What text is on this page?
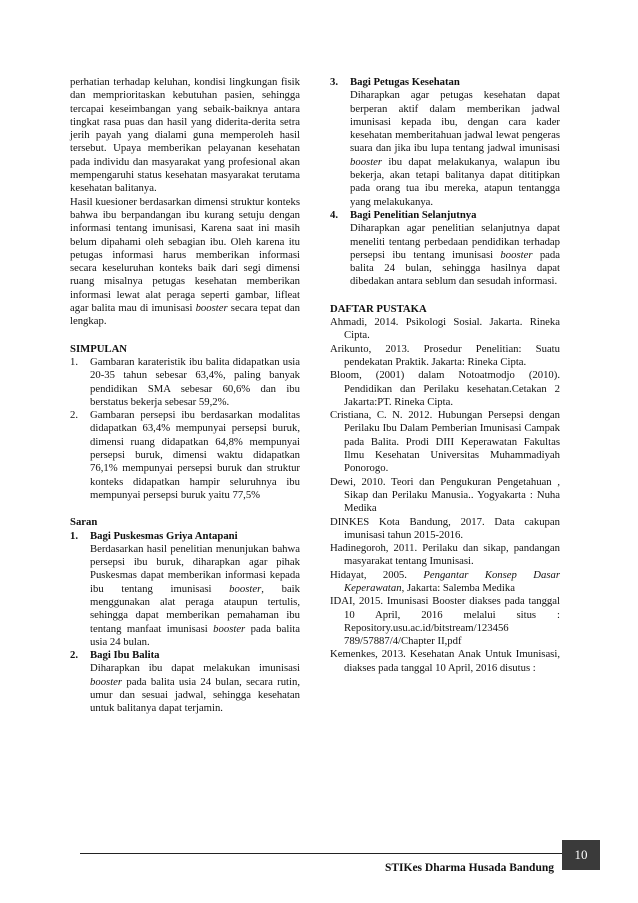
perhatian terhadap keluhan, kondisi lingkungan fisik dan memprioritaskan kebutuhan pasien, sehingga tercapai keseimbangan yang sebaik-baiknya antara tingkat rasa puas dan hasil yang diderita-derita setra jerih payah yang dialami guna memperoleh hasil tersebut. Upaya memberikan pelayanan kesehatan pada individu dan masyarakat yang profesional akan mempengaruhi status kesehatan masyarakat terutama kesehatan balitanya.

Hasil kuesioner berdasarkan dimensi struktur konteks bahwa ibu berpandangan ibu kurang setuju dengan informasi tentang imunisasi, Karena saat ini masih belum dipahami oleh sebagian ibu. Oleh karena itu petugas informasi harus memberikan informasi secara keseluruhan konteks baik dari segi dimensi ruang misalnya petugas kesehatan memberikan informasi lewat alat peraga seperti gambar, lifleat agar balita mau di imunisasi booster secara tepat dan lengkap.

SIMPULAN

1. Gambaran karateristik ibu balita didapatkan usia 20-35 tahun sebesar 63,4%, paling banyak pendidikan SMA sebesar 60,6% dan ibu berstatus bekerja sebesar 59,2%.

2. Gambaran persepsi ibu berdasarkan modalitas didapatkan 63,4% mempunyai persepsi buruk, dimensi ruang didapatkan 64,8% mempunyai persepsi buruk, dimensi waktu didapatkan 76,1% mempunyai persepsi buruk dan struktur konteks didapatkan hampir seluruhnya ibu mempunyai persepsi buruk yaitu 77,5%

Saran

1. Bagi Puskesmas Griya Antapani

Berdasarkan hasil penelitian menunjukan bahwa persepsi ibu buruk, diharapkan agar pihak Puskesmas dapat memberikan informasi kepada ibu tentang imunisasi booster, baik menggunakan alat peraga ataupun tertulis, sehingga dapat memberikan pemahaman ibu tentang manfaat imunisasi booster pada balita usia 24 bulan.

2. Bagi Ibu Balita

Diharapkan ibu dapat melakukan imunisasi booster pada balita usia 24 bulan, secara rutin, umur dan sesuai jadwal, sehingga kesehatan untuk balitanya dapat terjamin.

3. Bagi Petugas Kesehatan

Diharapkan agar petugas kesehatan dapat berperan aktif dalam memberikan jadwal imunisasi kepada ibu, dengan cara kader kesehatan memberitahuan jadwal lewat pengeras suara dan jika ibu lupa tentang jadwal imunisasi booster ibu dapat melakukanya, walapun ibu bekerja, akan tetapi balitanya dapat dititipkan pada orang tua ibu mereka, atapun tentangga yang melakukanya.

4. Bagi Penelitian Selanjutnya

Diharapkan agar penelitian selanjutnya dapat meneliti tentang perbedaan pendidikan terhadap persepsi ibu tentang imunisasi booster pada balita 24 bulan, sehingga hasilnya dapat dibedakan antara seblum dan sesudah informasi.

DAFTAR PUSTAKA

Ahmadi, 2014. Psikologi Sosial. Jakarta. Rineka Cipta.

Arikunto, 2013. Prosedur Penelitian: Suatu pendekatan Praktik. Jakarta: Rineka Cipta.

Bloom, (2001) dalam Notoatmodjo (2010). Pendidikan dan Perilaku kesehatan.Cetakan 2 Jakarta:PT. Rineka Cipta.

Cristiana, C. N. 2012. Hubungan Persepsi dengan Perilaku Ibu Dalam Pemberian Imunisasi Campak pada Balita. Prodi DIII Keperawatan Fakultas Ilmu Kesehatan Universitas Muhammadiyah Ponorogo.

Dewi, 2010. Teori dan Pengukuran Pengetahuan , Sikap dan Perilaku Manusia.. Yogyakarta : Nuha Medika

DINKES Kota Bandung, 2017. Data cakupan imunisasi tahun 2015-2016.

Hadinegoroh, 2011. Perilaku dan sikap, pandangan masyarakat tentang Imunisasi.

Hidayat, 2005. Pengantar Konsep Dasar Keperawatan, Jakarta: Salemba Medika

IDAI, 2015. Imunisasi Booster diakses pada tanggal 10 April, 2016 melalui situs : Repository.usu.ac.id/bitstream/123456 789/57887/4/Chapter II,pdf

Kemenkes, 2013. Kesehatan Anak Untuk Imunisasi, diakses pada tanggal 10 April, 2016 disutus :

STIKes Dharma Husada Bandung
10
